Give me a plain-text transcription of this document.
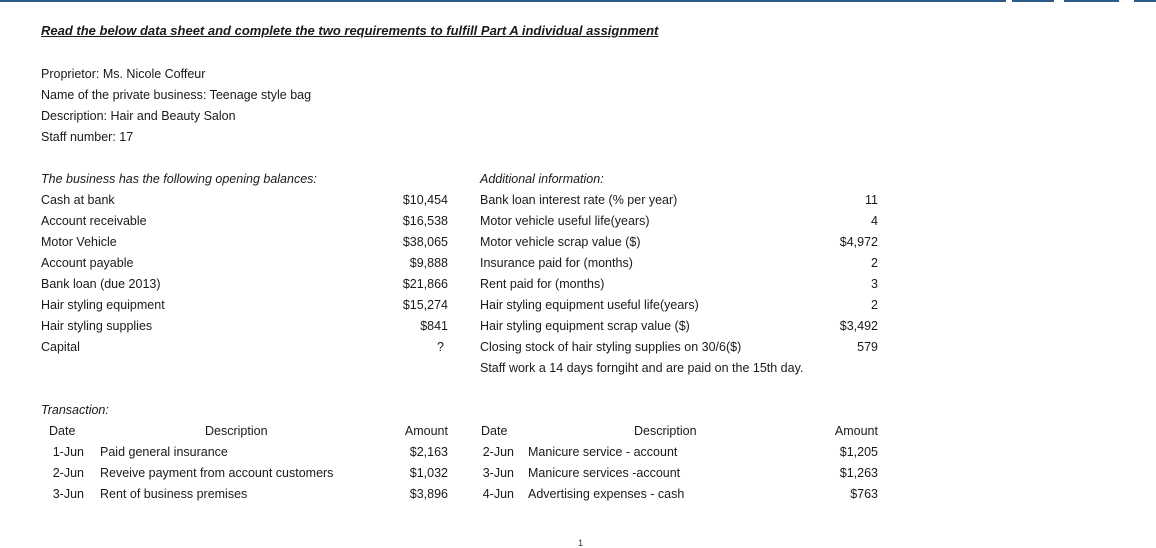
Read the below data sheet and complete the two requirements to fulfill Part A individual assignment
Proprietor: Ms. Nicole Coffeur
Name of the private business: Teenage style bag
Description: Hair and Beauty Salon
Staff number: 17
The business has the following opening balances:
Cash at bank	$10,454
Account receivable	$16,538
Motor Vehicle	$38,065
Account payable	$9,888
Bank loan (due 2013)	$21,866
Hair styling equipment	$15,274
Hair styling supplies	$841
Capital	?
Additional information:
Bank loan interest rate (% per year)	11
Motor vehicle useful life(years)	4
Motor vehicle scrap value ($)	$4,972
Insurance paid for (months)	2
Rent paid for (months)	3
Hair styling equipment useful life(years)	2
Hair styling equipment scrap value ($)	$3,492
Closing stock of hair styling supplies on 30/6($)	579
Staff work a 14 days forngiht and are paid on the 15th day.
Transaction:
Date	Description	Amount
1-Jun Paid general insurance	$2,163
2-Jun Reveive payment from account customers	$1,032
3-Jun Rent of business premises	$3,896
Date	Description	Amount
2-Jun Manicure service - account	$1,205
3-Jun Manicure services -account	$1,263
4-Jun Advertising expenses - cash	$763
1
